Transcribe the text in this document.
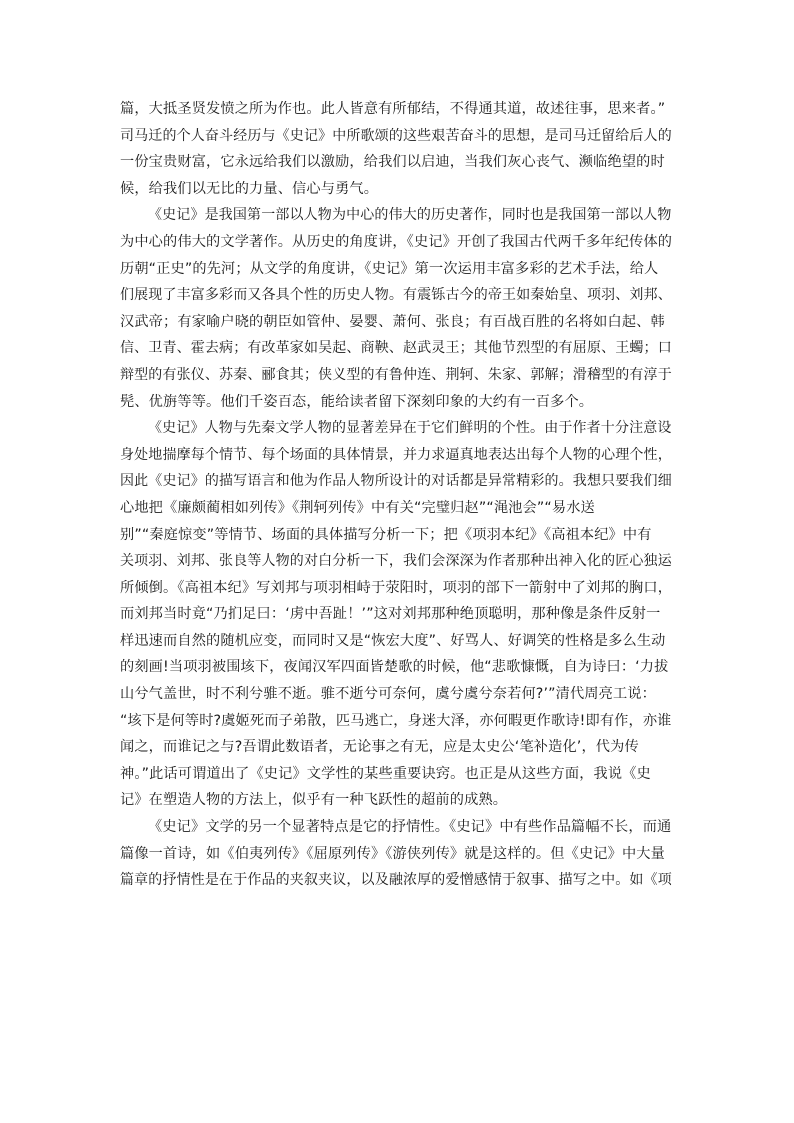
篇，大抵圣贤发愤之所为作也。此人皆意有所郁结，不得通其道，故述往事，思来者。”
司马迁的个人奋斗经历与《史记》中所歌颂的这些艰苦奋斗的思想，是司马迁留给后人的
一份宝贵财富，它永远给我们以激励，给我们以启迪，当我们灰心丧气、濒临绝望的时
候，给我们以无比的力量、信心与勇气。
《史记》是我国第一部以人物为中心的伟大的历史著作，同时也是我国第一部以人物
为中心的伟大的文学著作。从历史的角度讲，《史记》开创了我国古代两千多年纪传体的
历朝“正史”的先河；从文学的角度讲，《史记》第一次运用丰富多彩的艺术手法，给人
们展现了丰富多彩而又各具个性的历史人物。有震铄古今的帝王如秦始皇、项羽、刘邦、
汉武帝；有家喻户晓的朝臣如管仲、晏婴、萧何、张良；有百战百胜的名将如白起、韩
信、卫青、霍去病；有改革家如吴起、商鞅、赵武灵王；其他节烈型的有屈原、王蠋；口
辩型的有张仪、苏秦、郦食其；侠义型的有鲁仲连、荆轲、朱家、郭解；滑稽型的有淳于
髡、优旃等等。他们千姿百态，能给读者留下深刻印象的大约有一百多个。
《史记》人物与先秦文学人物的显著差异在于它们鲜明的个性。由于作者十分注意设
身处地揣摩每个情节、每个场面的具体情景，并力求逼真地表达出每个人物的心理个性，
因此《史记》的描写语言和他为作品人物所设计的对话都是异常精彩的。我想只要我们细
心地把《廉颇蔺相如列传》《荆轲列传》中有关“完璧归赵”“渑池会”“易水送
别”“秦庭惊变”等情节、场面的具体描写分析一下；把《项羽本纪》《高祖本纪》中有
关项羽、刘邦、张良等人物的对白分析一下，我们会深深为作者那种出神入化的匠心独运
所倾倒。《高祖本纪》写刘邦与项羽相峙于荥阳时，项羽的部下一箭射中了刘邦的胸口，
而刘邦当时竟“乃扪足曰：‘虏中吾趾！’”这对刘邦那种绝顶聪明，那种像是条件反射一
样迅速而自然的随机应变，而同时又是“恢宏大度”、好骂人、好调笑的性格是多么生动
的刻画!当项羽被围垓下，夜闻汉军四面皆楚歌的时候，他“悲歌慷慨，自为诗曰：‘力拔
山兮气盖世，时不利兮骓不逝。骓不逝兮可奈何，虞兮虞兮奈若何?’”清代周亮工说：
“垓下是何等时?虞姬死而子弟散，匹马逃亡，身迷大泽，亦何暇更作歌诗!即有作，亦谁
闻之，而谁记之与?吾谓此数语者，无论事之有无，应是太史公‘笔补造化’，代为传
神。”此话可谓道出了《史记》文学性的某些重要诀窍。也正是从这些方面，我说《史
记》在塑造人物的方法上，似乎有一种飞跃性的超前的成熟。
《史记》文学的另一个显著特点是它的抒情性。《史记》中有些作品篇幅不长，而通
篇像一首诗，如《伯夷列传》《屈原列传》《游侠列传》就是这样的。但《史记》中大量
篇章的抒情性是在于作品的夹叙夹议，以及融浓厚的爱憎感情于叙事、描写之中。如《项
